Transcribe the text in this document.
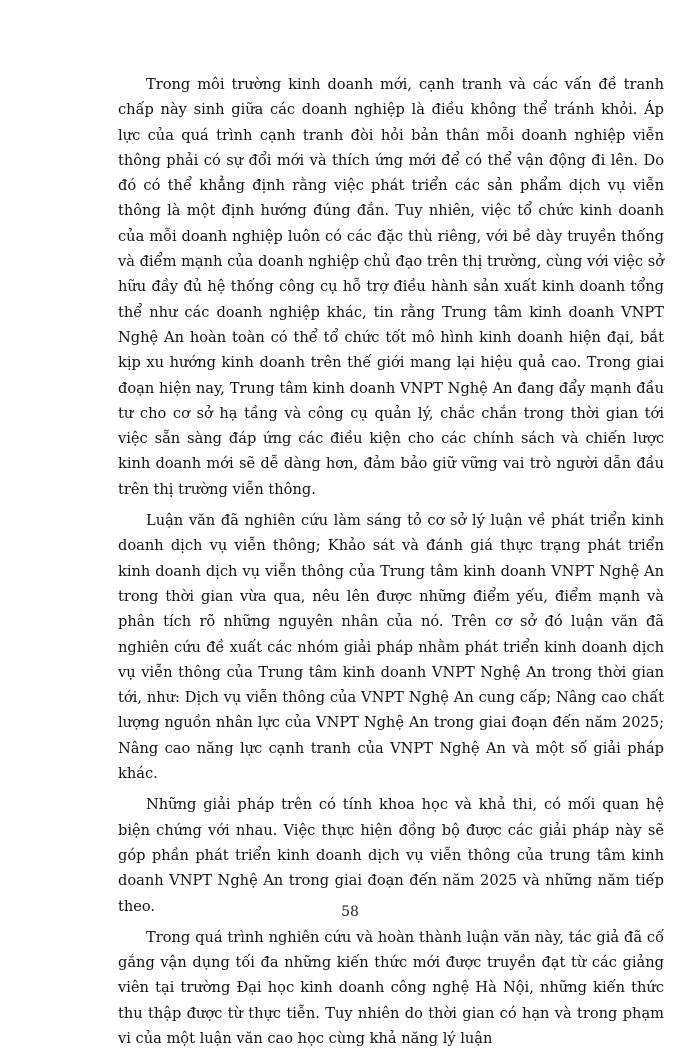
Trong môi trường kinh doanh mới, cạnh tranh và các vấn đề tranh chấp này sinh giữa các doanh nghiệp là điều không thể tránh khỏi. Áp lực của quá trình cạnh tranh đòi hỏi bản thân mỗi doanh nghiệp viễn thông phải có sự đổi mới và thích ứng mới để có thể vận động đi lên. Do đó có thể khẳng định rằng việc phát triển các sản phẩm dịch vụ viễn thông là một định hướng đúng đắn. Tuy nhiên, việc tổ chức kinh doanh của mỗi doanh nghiệp luôn có các đặc thù riêng, với bề dày truyền thống và điểm mạnh của doanh nghiệp chủ đạo trên thị trường, cùng với việc sở hữu đầy đủ hệ thống công cụ hỗ trợ điều hành sản xuất kinh doanh tổng thể như các doanh nghiệp khác, tin rằng Trung tâm kinh doanh VNPT Nghệ An hoàn toàn có thể tổ chức tốt mô hình kinh doanh hiện đại, bắt kịp xu hướng kinh doanh trên thế giới mang lại hiệu quả cao. Trong giai đoạn hiện nay, Trung tâm kinh doanh VNPT Nghệ An đang đẩy mạnh đầu tư cho cơ sở hạ tầng và công cụ quản lý, chắc chắn trong thời gian tới việc sẵn sàng đáp ứng các điều kiện cho các chính sách và chiến lược kinh doanh mới sẽ dễ dàng hơn, đảm bảo giữ vững vai trò người dẫn đầu trên thị trường viễn thông.

Luận văn đã nghiên cứu làm sáng tỏ cơ sở lý luận về phát triển kinh doanh dịch vụ viễn thông; Khảo sát và đánh giá thực trạng phát triển kinh doanh dịch vụ viễn thông của Trung tâm kinh doanh VNPT Nghệ An trong thời gian vừa qua, nêu lên được những điểm yếu, điểm mạnh và phân tích rõ những nguyên nhân của nó. Trên cơ sở đó luận văn đã nghiên cứu đề xuất các nhóm giải pháp nhằm phát triển kinh doanh dịch vụ viễn thông của Trung tâm kinh doanh VNPT Nghệ An trong thời gian tới, như: Dịch vụ viễn thông của VNPT Nghệ An cung cấp; Nâng cao chất lượng nguồn nhân lực của VNPT Nghệ An trong giai đoạn đến năm 2025; Nâng cao năng lực cạnh tranh của VNPT Nghệ An và một số giải pháp khác.

Những giải pháp trên có tính khoa học và khả thi, có mối quan hệ biện chứng với nhau. Việc thực hiện đồng bộ được các giải pháp này sẽ góp phần phát triển kinh doanh dịch vụ viễn thông của trung tâm kinh doanh VNPT Nghệ An trong giai đoạn đến năm 2025 và những năm tiếp theo.

Trong quá trình nghiên cứu và hoàn thành luận văn này, tác giả đã cố gắng vận dụng tối đa những kiến thức mới được truyền đạt từ các giảng viên tại trường Đại học kinh doanh công nghệ Hà Nội, những kiến thức thu thập được từ thực tiễn. Tuy nhiên do thời gian có hạn và trong phạm vi của một luận văn cao học cùng khả năng lý luận

58
